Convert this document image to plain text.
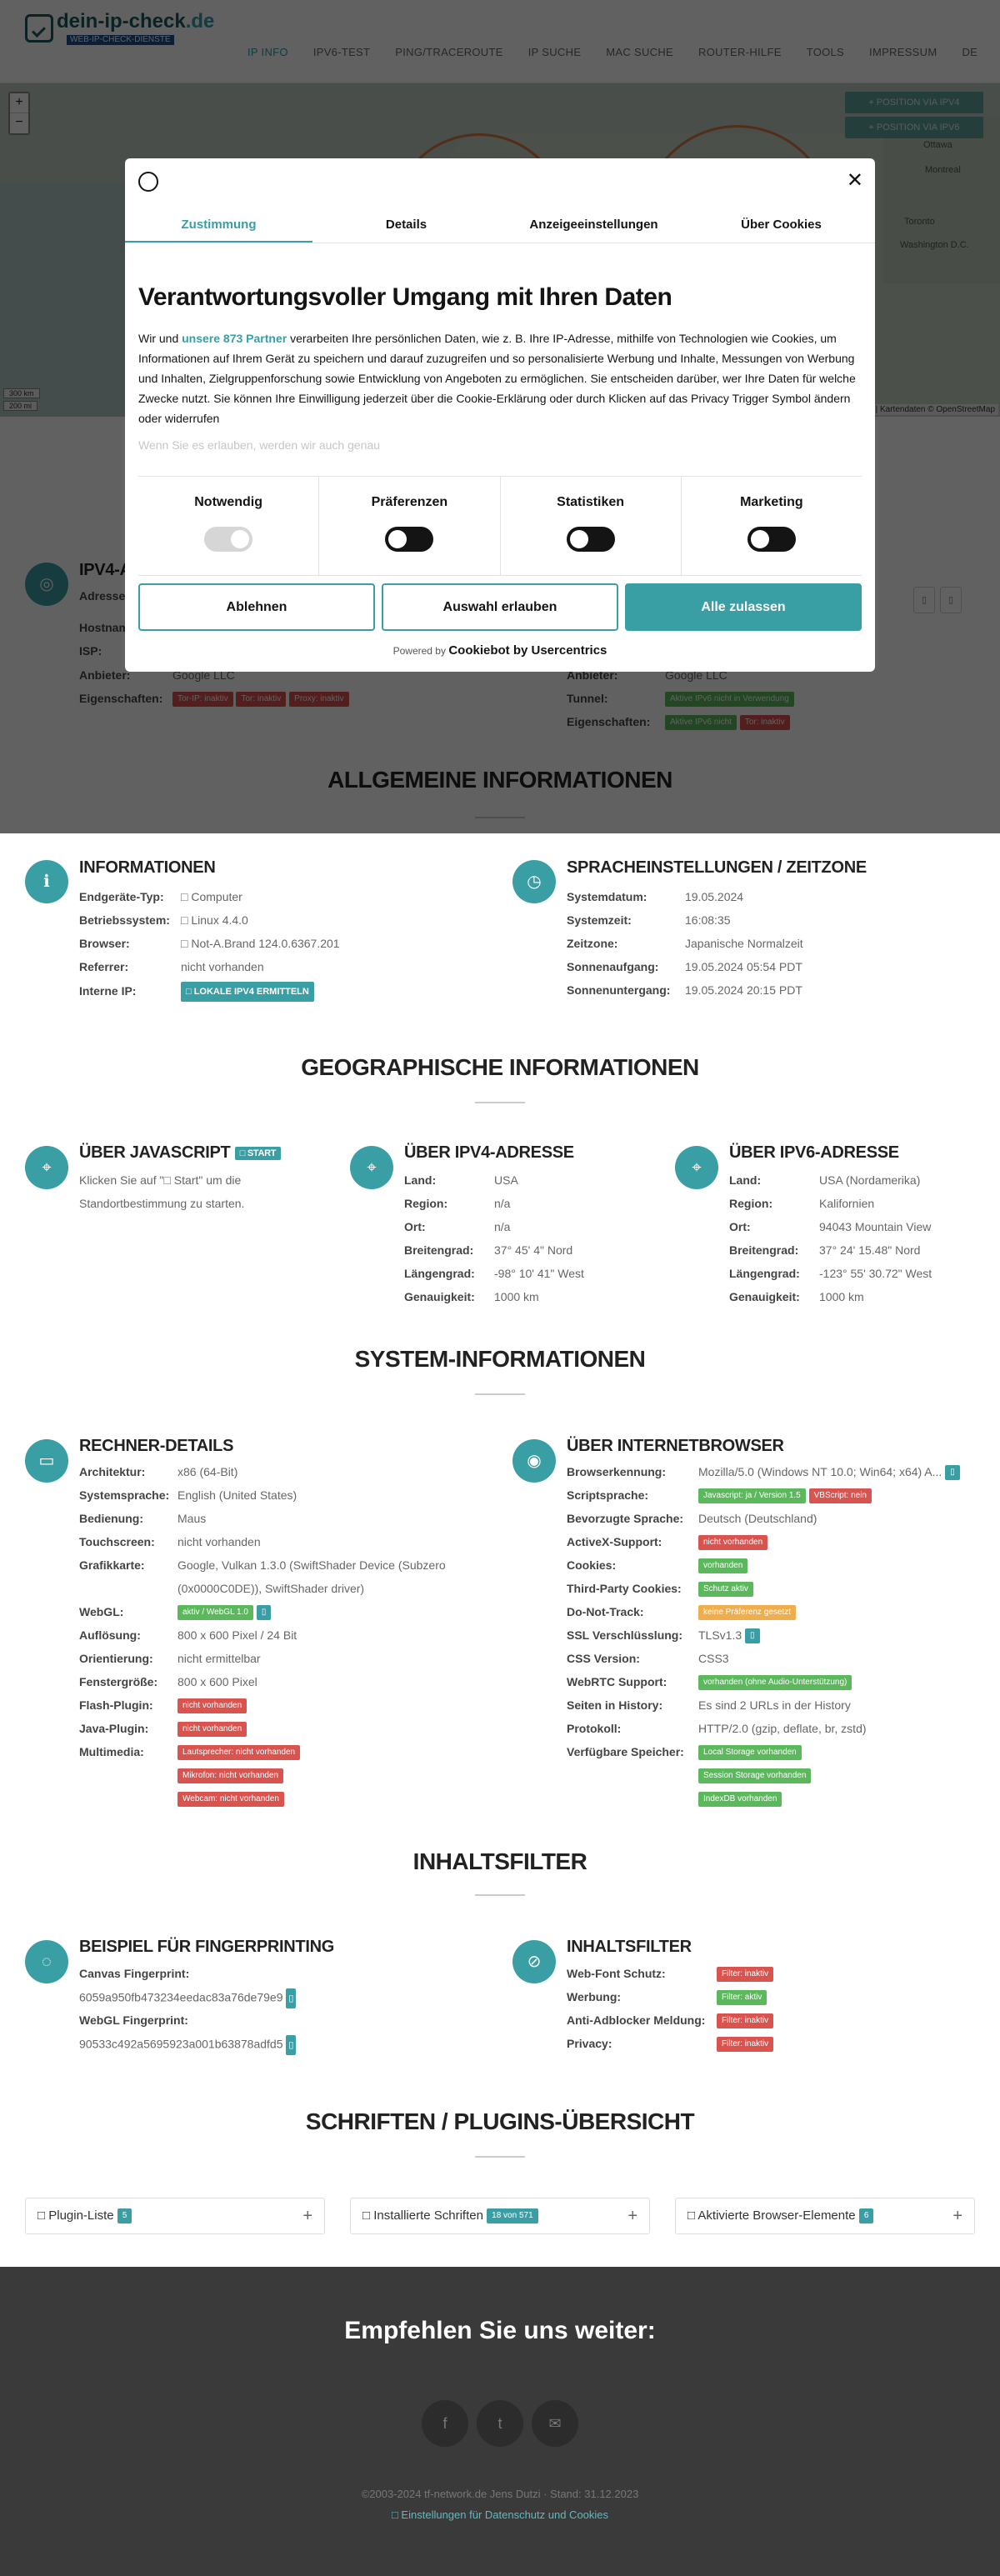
✕
Zustimmung	Details	Anzeigeeinstellungen	Über Cookies
Verantwortungsvoller Umgang mit Ihren Daten
Wir und unsere 873 Partner verarbeiten Ihre persönlichen Daten, wie z. B. Ihre IP-Adresse, mithilfe von Technologien wie Cookies, um Informationen auf Ihrem Gerät zu speichern und darauf zuzugreifen und so personalisierte Werbung und Inhalte, Messungen von Werbung und Inhalten, Zielgruppenforschung sowie Entwicklung von Angeboten zu ermöglichen. Sie entscheiden darüber, wer Ihre Daten für welche Zwecke nutzt. Sie können Ihre Einwilligung jederzeit über die Cookie-Erklärung oder durch Klicken auf das Privacy Trigger Symbol ändern oder widerrufen
Wenn Sie es erlauben, werden wir auch genau
Notwendig	Präferenzen	Statistiken	Marketing
Ablehnen	Auswahl erlauben	Alle zulassen
Powered by Cookiebot by Usercentrics
ℹ
INFORMATIONEN
Endgeräte-Typ: □ Computer
Betriebssystem: □ Linux 4.4.0
Browser:	□ Not-A.Brand 124.0.6367.201
Referrer:	nicht vorhanden
Interne IP:	□ LOKALE IPV4 ERMITTELN
◷
SPRACHEINSTELLUNGEN / ZEITZONE
Systemdatum:	19.05.2024
Systemzeit:	16:08:35
Zeitzone:	Japanische Normalzeit
Sonnenaufgang: 19.05.2024 05:54 PDT
Sonnenuntergang: 19.05.2024 20:15 PDT
GEOGRAPHISCHE INFORMATIONEN
⌖
ÜBER JAVASCRIPT □ START
Klicken Sie auf "□ Start" um die
Standortbestimmung zu starten.
⌖
ÜBER IPV4-ADRESSE
Land:	USA
Region:	n/a
Ort:	n/a
Breitengrad: 37° 45' 4" Nord
Längengrad: -98° 10' 41" West
Genauigkeit: 1000 km
⌖
ÜBER IPV6-ADRESSE
Land:	USA (Nordamerika)
Region:	Kalifornien
Ort:	94043 Mountain View
Breitengrad: 37° 24' 15.48" Nord
Längengrad: -123° 55' 30.72" West
Genauigkeit: 1000 km
SYSTEM-INFORMATIONEN
▭
RECHNER-DETAILS
Architektur:	x86 (64-Bit)
Systemsprache: English (United States)
Bedienung:	Maus
Touchscreen: nicht vorhanden
Grafikkarte:	Google, Vulkan 1.3.0 (SwiftShader Device (Subzero
(0x0000C0DE)), SwiftShader driver)
WebGL:	aktiv / WebGL 1.0 ▯
Auflösung:	800 x 600 Pixel / 24 Bit
Orientierung: nicht ermittelbar
Fenstergröße: 800 x 600 Pixel
Flash-Plugin:	nicht vorhanden
Java-Plugin:	nicht vorhanden
Multimedia:	Lautsprecher: nicht vorhanden
Mikrofon: nicht vorhanden
Webcam: nicht vorhanden
◉
ÜBER INTERNETBROWSER
Browserkennung:	Mozilla/5.0 (Windows NT 10.0; Win64; x64) A... ▯
Scriptsprache:	Javascript: ja / Version 1.5 VBScript: nein
Bevorzugte Sprache: Deutsch (Deutschland)
ActiveX-Support:	nicht vorhanden
Cookies:	vorhanden
Third-Party Cookies:	Schutz aktiv
Do-Not-Track:	keine Präferenz gesetzt
SSL Verschlüsslung: TLSv1.3 ▯
CSS Version:	CSS3
WebRTC Support:	vorhanden (ohne Audio-Unterstützung)
Seiten in History:	Es sind 2 URLs in der History
Protokoll:	HTTP/2.0 (gzip, deflate, br, zstd)
Verfügbare Speicher:	Local Storage vorhanden
Session Storage vorhanden
IndexDB vorhanden
INHALTSFILTER
◌
BEISPIEL FÜR FINGERPRINTING
Canvas Fingerprint:
6059a950fb473234eedac83a76de79e9 ▯
WebGL Fingerprint:
90533c492a5695923a001b63878adfd5 ▯
⊘
INHALTSFILTER
Web-Font Schutz:	Filter: inaktiv
Werbung:	Filter: aktiv
Anti-Adblocker Meldung: Filter: inaktiv
Privacy:	Filter: inaktiv
SCHRIFTEN / PLUGINS-ÜBERSICHT
□ Plugin-Liste 5	+	□ Installierte Schriften 18 von 571	+	□ Aktivierte Browser-Elemente 6	+
Empfehlen Sie uns weiter:
f	t	✉
©2003-2024 tf-network.de Jens Dutzi · Stand: 31.12.2023
□ Einstellungen für Datenschutz und Cookies
